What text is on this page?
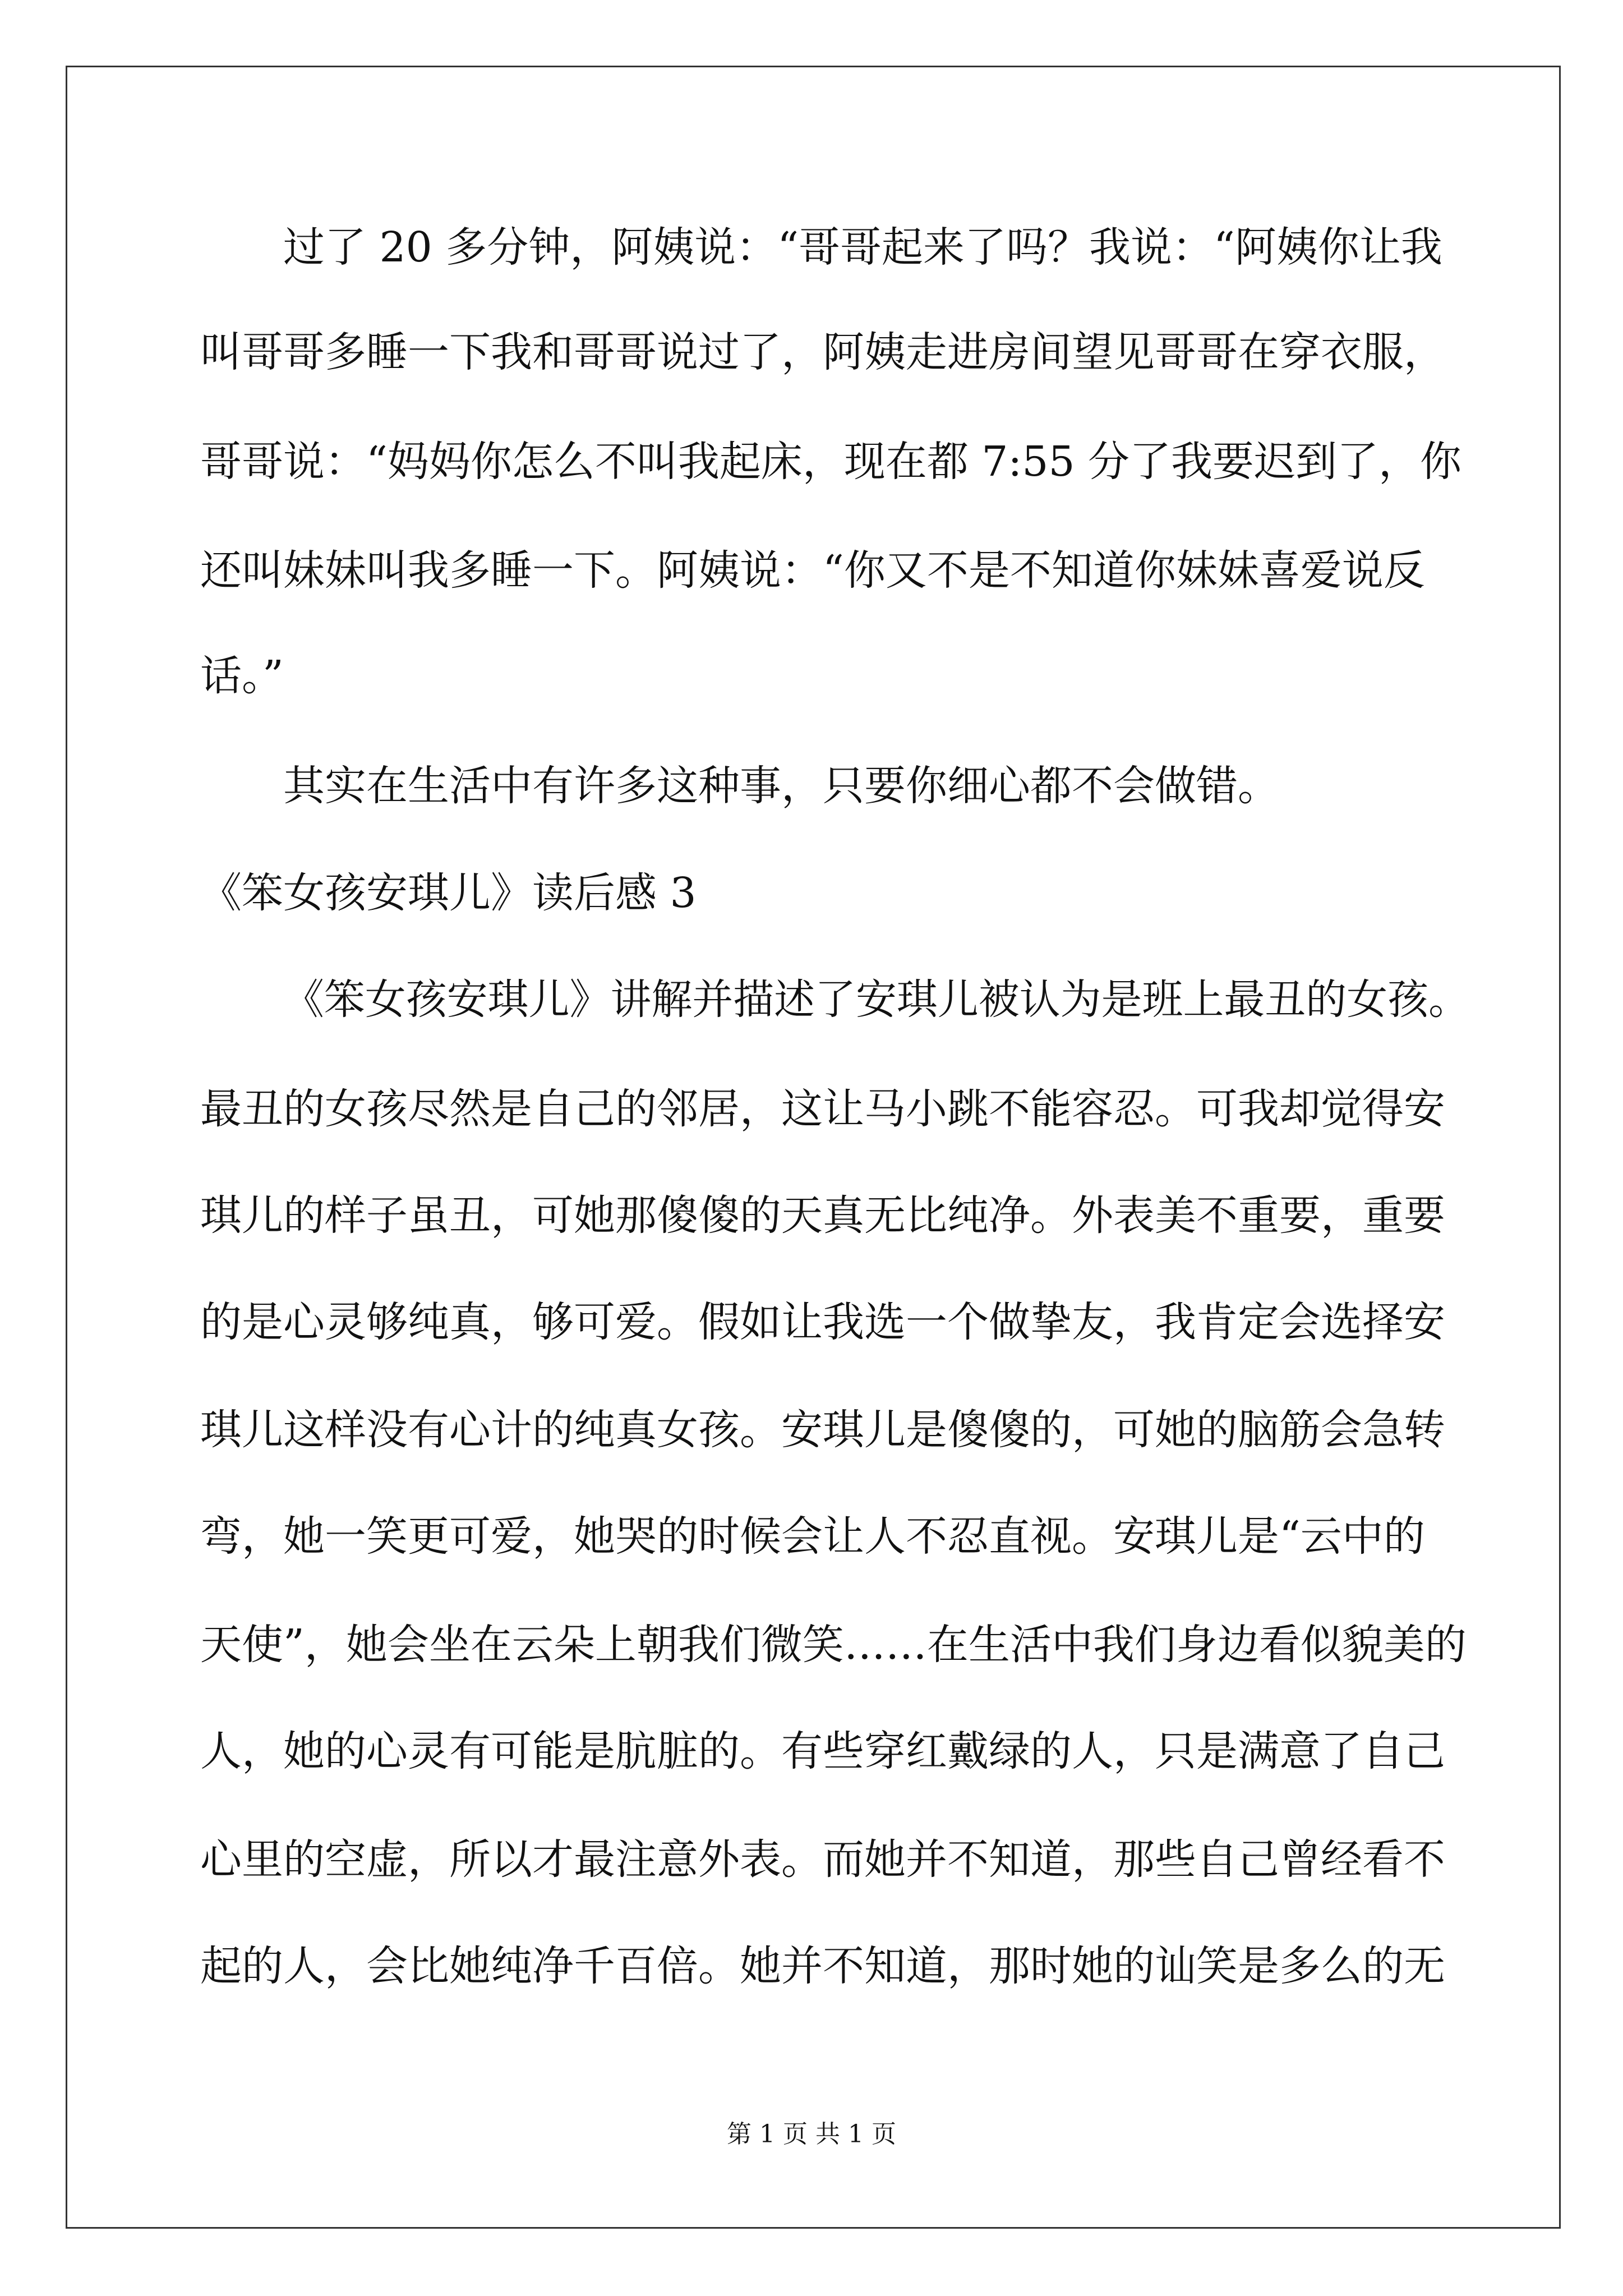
过了 20 多分钟，阿姨说：“哥哥起来了吗？我说：“阿姨你让我
叫哥哥多睡一下我和哥哥说过了，阿姨走进房间望见哥哥在穿衣服，
哥哥说：“妈妈你怎么不叫我起床，现在都 7:55 分了我要迟到了，你
还叫妹妹叫我多睡一下。阿姨说：“你又不是不知道你妹妹喜爱说反
话。”
其实在生活中有许多这种事，只要你细心都不会做错。
《笨女孩安琪儿》读后感 3
《笨女孩安琪儿》讲解并描述了安琪儿被认为是班上最丑的女孩。
最丑的女孩尽然是自己的邻居，这让马小跳不能容忍。可我却觉得安
琪儿的样子虽丑，可她那傻傻的天真无比纯净。外表美不重要，重要
的是心灵够纯真，够可爱。假如让我选一个做挚友，我肯定会选择安
琪儿这样没有心计的纯真女孩。安琪儿是傻傻的，可她的脑筋会急转
弯，她一笑更可爱，她哭的时候会让人不忍直视。安琪儿是“云中的
天使”，她会坐在云朵上朝我们微笑……在生活中我们身边看似貌美的
人，她的心灵有可能是肮脏的。有些穿红戴绿的人，只是满意了自己
心里的空虚，所以才最注意外表。而她并不知道，那些自己曾经看不
起的人，会比她纯净千百倍。她并不知道，那时她的讪笑是多么的无
第 1 页 共 1 页
